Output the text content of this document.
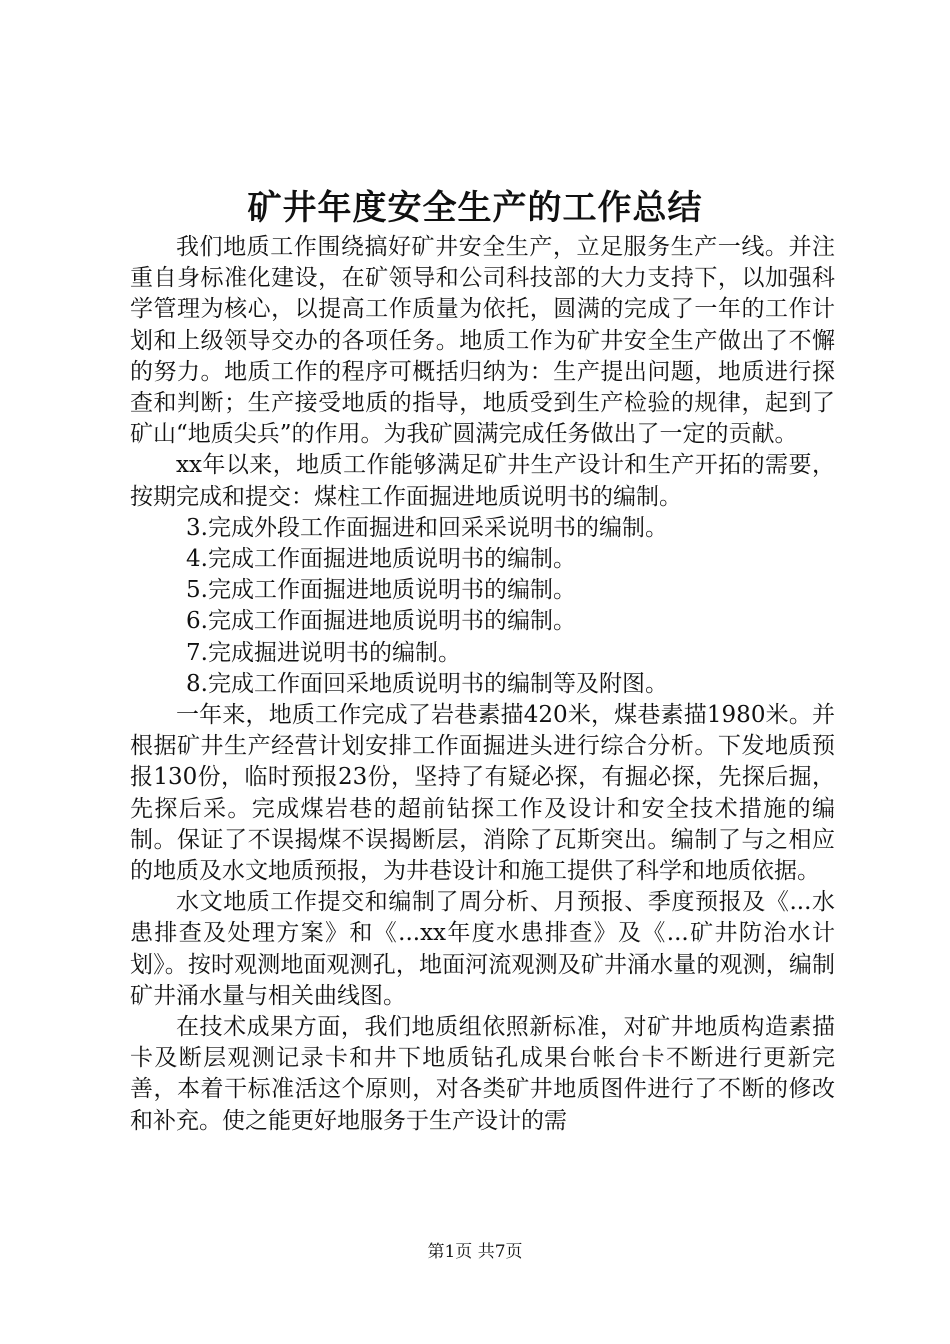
矿井年度安全生产的工作总结

我们地质工作围绕搞好矿井安全生产，立足服务生产一线。并注重自身标准化建设，在矿领导和公司科技部的大力支持下，以加强科学管理为核心，以提高工作质量为依托，圆满的完成了一年的工作计划和上级领导交办的各项任务。地质工作为矿井安全生产做出了不懈的努力。地质工作的程序可概括归纳为：生产提出问题，地质进行探查和判断；生产接受地质的指导，地质受到生产检验的规律，起到了矿山“地质尖兵”的作用。为我矿圆满完成任务做出了一定的贡献。

xx年以来，地质工作能够满足矿井生产设计和生产开拓的需要，按期完成和提交：煤柱工作面掘进地质说明书的编制。

3.完成外段工作面掘进和回采采说明书的编制。

4.完成工作面掘进地质说明书的编制。

5.完成工作面掘进地质说明书的编制。

6.完成工作面掘进地质说明书的编制。

7.完成掘进说明书的编制。

8.完成工作面回采地质说明书的编制等及附图。

一年来，地质工作完成了岩巷素描420米，煤巷素描1980米。并根据矿井生产经营计划安排工作面掘进头进行综合分析。下发地质预报130份，临时预报23份，坚持了有疑必探，有掘必探，先探后掘，先探后采。完成煤岩巷的超前钻探工作及设计和安全技术措施的编制。保证了不误揭煤不误揭断层，消除了瓦斯突出。编制了与之相应的地质及水文地质预报，为井巷设计和施工提供了科学和地质依据。

水文地质工作提交和编制了周分析、月预报、季度预报及《...水患排查及处理方案》和《...xx年度水患排查》及《...矿井防治水计划》。按时观测地面观测孔，地面河流观测及矿井涌水量的观测，编制矿井涌水量与相关曲线图。

在技术成果方面，我们地质组依照新标准，对矿井地质构造素描卡及断层观测记录卡和井下地质钻孔成果台帐台卡不断进行更新完善，本着干标准活这个原则，对各类矿井地质图件进行了不断的修改和补充。使之能更好地服务于生产设计的需

第1页 共7页
